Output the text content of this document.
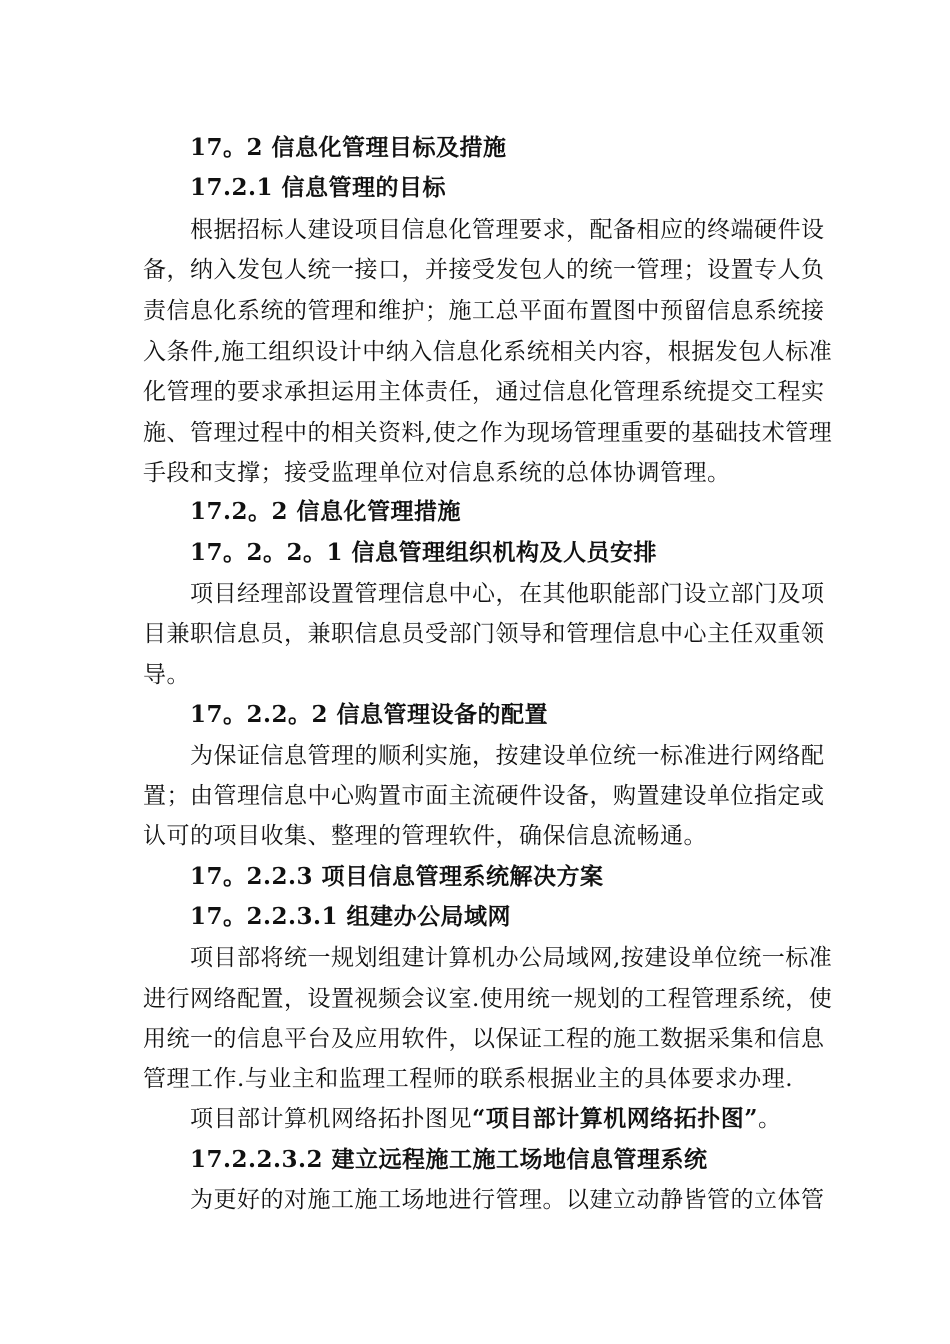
17。2 信息化管理目标及措施
17.2.1 信息管理的目标
根据招标人建设项目信息化管理要求，配备相应的终端硬件设
备，纳入发包人统一接口，并接受发包人的统一管理；设置专人负
责信息化系统的管理和维护；施工总平面布置图中预留信息系统接
入条件,施工组织设计中纳入信息化系统相关内容，根据发包人标准
化管理的要求承担运用主体责任，通过信息化管理系统提交工程实
施、管理过程中的相关资料,使之作为现场管理重要的基础技术管理
手段和支撑；接受监理单位对信息系统的总体协调管理。
17.2。2 信息化管理措施
17。2。2。1 信息管理组织机构及人员安排
项目经理部设置管理信息中心，在其他职能部门设立部门及项
目兼职信息员，兼职信息员受部门领导和管理信息中心主任双重领
导。
17。2.2。2 信息管理设备的配置
为保证信息管理的顺利实施，按建设单位统一标准进行网络配
置；由管理信息中心购置市面主流硬件设备，购置建设单位指定或
认可的项目收集、整理的管理软件，确保信息流畅通。
17。2.2.3 项目信息管理系统解决方案
17。2.2.3.1 组建办公局域网
项目部将统一规划组建计算机办公局域网,按建设单位统一标准
进行网络配置，设置视频会议室.使用统一规划的工程管理系统，使
用统一的信息平台及应用软件，以保证工程的施工数据采集和信息
管理工作.与业主和监理工程师的联系根据业主的具体要求办理.
项目部计算机网络拓扑图见“项目部计算机网络拓扑图”。
17.2.2.3.2 建立远程施工施工场地信息管理系统
为更好的对施工施工场地进行管理。以建立动静皆管的立体管
